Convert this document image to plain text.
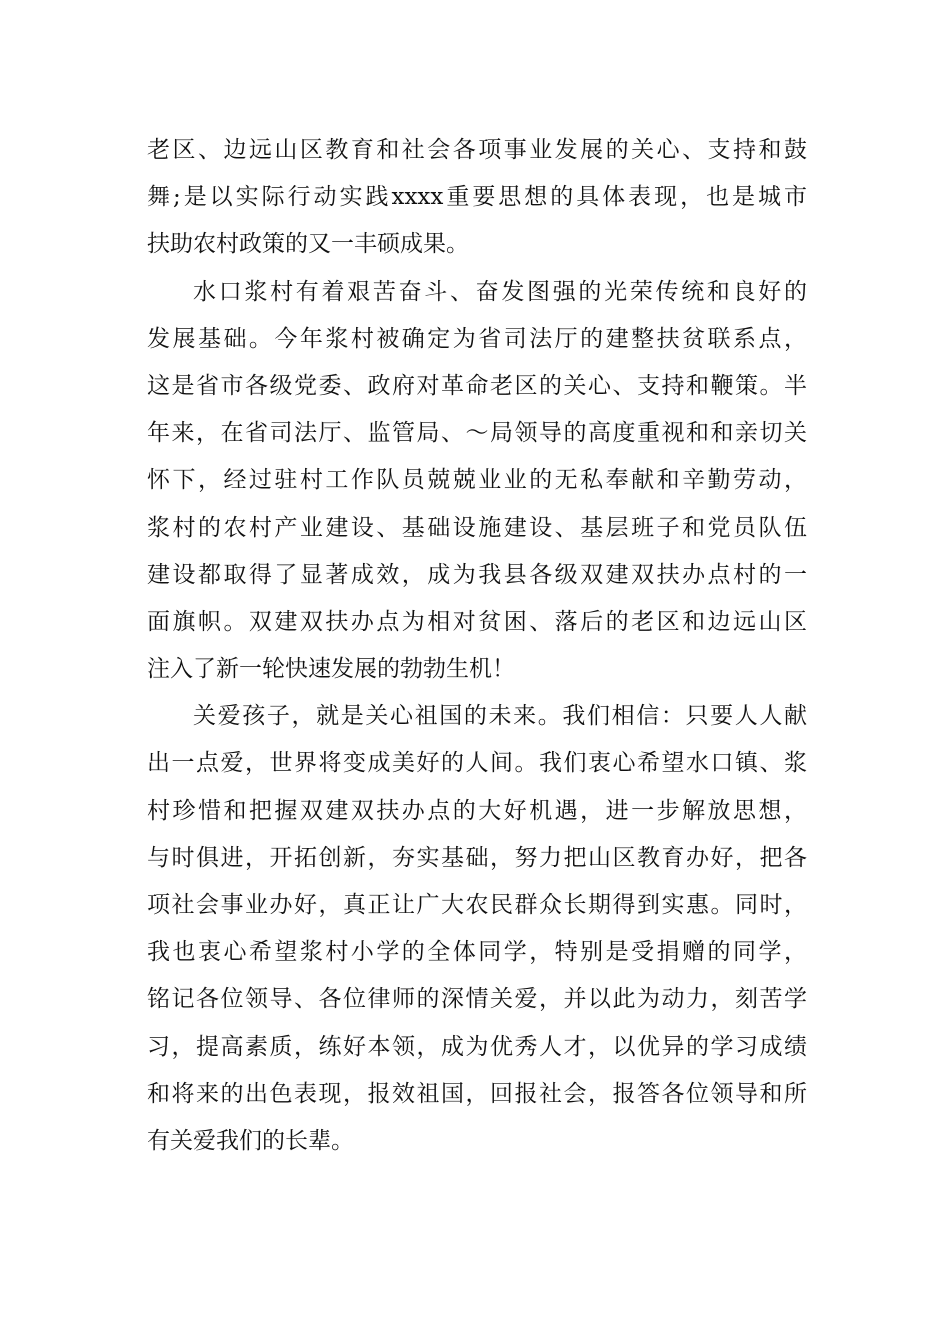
老区、边远山区教育和社会各项事业发展的关心、支持和鼓
舞;是以实际行动实践xxxx重要思想的具体表现，也是城市
扶助农村政策的又一丰硕成果。
水口浆村有着艰苦奋斗、奋发图强的光荣传统和良好的
发展基础。今年浆村被确定为省司法厅的建整扶贫联系点，
这是省市各级党委、政府对革命老区的关心、支持和鞭策。半
年来，在省司法厅、监管局、～局领导的高度重视和和亲切关
怀下，经过驻村工作队员兢兢业业的无私奉献和辛勤劳动，
浆村的农村产业建设、基础设施建设、基层班子和党员队伍
建设都取得了显著成效，成为我县各级双建双扶办点村的一
面旗帜。双建双扶办点为相对贫困、落后的老区和边远山区
注入了新一轮快速发展的勃勃生机！
关爱孩子，就是关心祖国的未来。我们相信：只要人人献
出一点爱，世界将变成美好的人间。我们衷心希望水口镇、浆
村珍惜和把握双建双扶办点的大好机遇，进一步解放思想，
与时俱进，开拓创新，夯实基础，努力把山区教育办好，把各
项社会事业办好，真正让广大农民群众长期得到实惠。同时，
我也衷心希望浆村小学的全体同学，特别是受捐赠的同学，
铭记各位领导、各位律师的深情关爱，并以此为动力，刻苦学
习，提高素质，练好本领，成为优秀人才，以优异的学习成绩
和将来的出色表现，报效祖国，回报社会，报答各位领导和所
有关爱我们的长辈。
